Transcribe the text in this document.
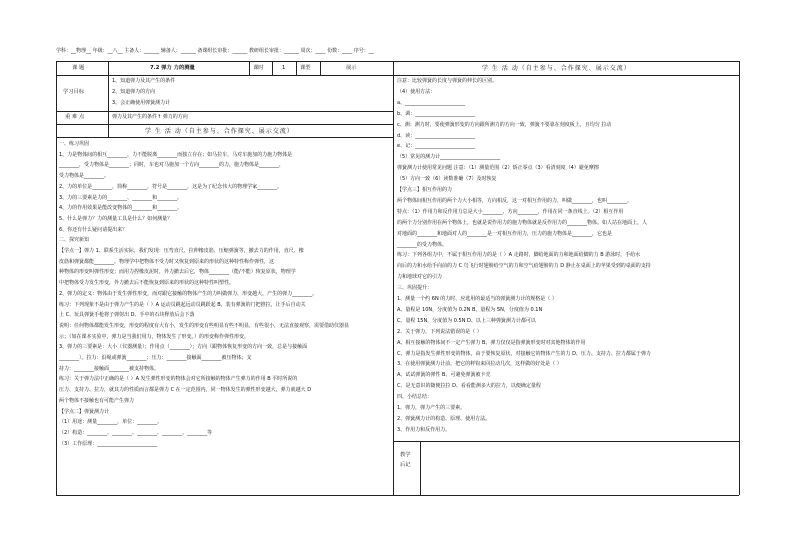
学科：__物理__ 年级：__八__ 主备人：______ 辅备人：______ 备课组长审批：______ 教研组长审批：______ 周次：____ 份数：____ 序号：__
课 题	7.2 弹力 力的测量	课时	1	课型	展示
学习目标
1、知道弹力及其产生的条件
2、知道弹力的方向
3、会正确使用弹簧测力计
重 难 点	弹力及其产生的条件↑ 弹力的方向
学 生 活 动（自主参与、合作探究、展示交流）
一、练习巩固
1、力是物体间的相互________，力不能脱离________而独立存在；如马拉车，马对车施加的力施力物体是
________，受力物体是________；同时，车也对马施加一个方向________的力，施力物体是________，
受力物体是________。
2、力的单位是________，简称________，符号是________，这是为了纪念伟大的物理学家________。
3、力的三要素是力的________、________和________。
4、力的作用效果是能改变物体的________和________。
5、什么是弹力？力的测量工具是什么？如何测量？
6、你还有什么疑问请提出来？
二、探究新知
【学点一】弹力 1、联系生活实际，我们发现：压弯直尺、拉伸橡皮筋、压缩弹簧等，撤去力的作用，直尺、橡
皮筋和弹簧都能________。物理学中把物体不受力时又恢复到原来的形状的这种特性称作弹性，这
种物体的形变叫弹性形变；而用力捏橡皮泥时，外力撤去后它，物体________（能/不能）恢复原状，物理学
中把物体受力发生形变，外力撤去后不能恢复到原来的形状的这种特性叫塑性。
2、弹力的定义：物体由于发生弹性形变，而对跟它接触的物体产生的力叫做弹力，形变越大，产生的弹力________。
练习：下列现象不是由于弹力产生的是（ ）A 运动员跳起远动员跳跃起 B、装有弹簧的门把推拉，让手后自动关
上 C、玩具弹簧手枪将子弹射出 D、手中的石块释放后会下落
说明：任何物体都能发生形变，形变的程度有大有小，发生的形变有些明显有些不明显，有些很小，无法直接观察，需要借助仪器显
示；（如在课本实验中，弹力是当我们用力，物体发生了形变。）的形变称作弹性形变。
3、弹力的三要素是：大小（仪器测量）；作用点（________）；方向（跟物体恢复形变的方向一致，总是与接触面
________）。拉力：沿绳或弹簧________；压力：________接触面________被压物体；支
持力：________接触面________被支持物体。
练习：关于弹力法中正确的是（ ）A 发生弹性形变的物体会对它所接触的物体产生弹力的作用 B 平时所说的
压力、支持力、拉力，就其力的性质而言都是弹力 C 在一定范围内，同一物体发生的弹性形变越大，弹力就越大 D
两个物体不接触也有可能产生弹力
【学点二】弹簧测力计
（1）用途：测量________，单位：________。
（2）构造：________、________、________、________、________等
（3）工作原理：________________________
学 生 活 动（自主参与、合作探究、展示交流）
注意：比较弹簧的长度与弹簧的伸长的区别。
（4）使用方法：
a、________________________
b、调：________________________
c、测：测力时，要使弹簧形变的方向跟所测力的方向一致，弹簧不要靠在刻度板上，且均匀 拉动
d、读：________________________
e、记：________________________
（5）常见的测力计________________________
弹簧测力计使用常见问题 注意：（1）测量范围（2）矫正零点（3）看清刻度（4）避免摩擦
（5）方向一致（6）读数准确（7）及时恢复
【学点三】相互作用的力
两个物体间相互作用的两个力大小相等，方向相反，这一对相互作用的力，叫做________，也叫________。
特点：（1）作用力和反作用力总是大小________、方向________，作用在同一条直线上。（2）相互作用
的两个力分别作用在两个物体上，也就是说作用力的施力物体就是反作用力的________物体。如人站在地面上，人
对地面的________和地面对人的________是一对相互作用力，压力的施力物体是________，它也是
________的受力物体。
练习：下列各组力中，不属于相互作用力的是（ ）A 走路时，脚给地面的力和地面给脚的力 B 游泳时，手给水
向后的力和水给手向前的力 C 鸟飞行时翅膀给空气的力和空气给翅膀的力 D 静止在桌面上的苹果受到的桌面的支持
力和地球对它的引力
三、巩固提升：
1、测量一个约 6N 的力时，应选用的最适当的弹簧测力计的规格是（ ）
A、量程是 10N，分度值为 0.2N B、量程为 5N，分度值为 0.1N
C、量程 15N，分度值为 0.5N D、以上三种弹簧测力计都可以
2、关于弹力，下列说法错误的是（ ）
A、相互接触的物体间不一定产生弹力 B、弹力仅仅是指弹簧形变时对其他物体的作用
C、弹力是指发生弹性形变的物体，由于要恢复原状，对接触它的物体产生的力 D、压力、支持力、拉力都属于弹力
3、在使用弹簧测力计前，把它的秤钩来回拉动几次，这样做的好处是（ ）
A、试试弹簧的弹性 B、可避免弹簧被卡壳
C、是无意识的随便拉拉 D、看看能测多大的拉力，以便确定量程
四、小结总结：
1、弹力，弹力产生的三要素。
2、弹簧测力计的构造、原理、使用方法。
3、作用力和反作用力。
教学
后记
